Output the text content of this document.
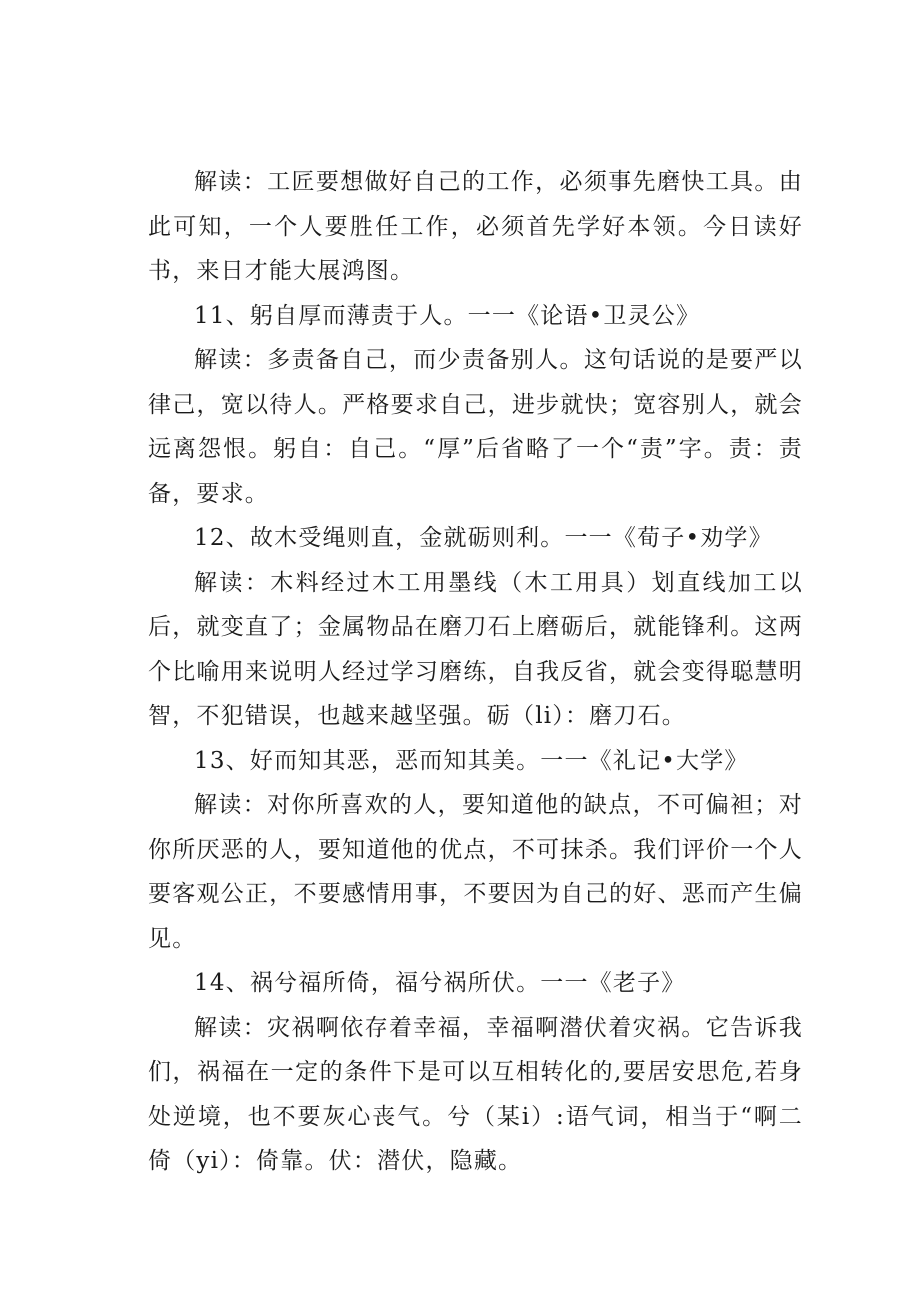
解读：工匠要想做好自己的工作，必须事先磨快工具。由此可知，一个人要胜任工作，必须首先学好本领。今日读好书，来日才能大展鸿图。

11、躬自厚而薄责于人。一一《论语•卫灵公》

解读：多责备自己，而少责备别人。这句话说的是要严以律己，宽以待人。严格要求自己，进步就快；宽容别人，就会远离怨恨。躬自：自己。“厚”后省略了一个“责”字。责：责备，要求。

12、故木受绳则直，金就砺则利。一一《荀子•劝学》

解读：木料经过木工用墨线（木工用具）划直线加工以后，就变直了；金属物品在磨刀石上磨砺后，就能锋利。这两个比喻用来说明人经过学习磨练，自我反省，就会变得聪慧明智，不犯错误，也越来越坚强。砺（li）：磨刀石。

13、好而知其恶，恶而知其美。一一《礼记•大学》

解读：对你所喜欢的人，要知道他的缺点，不可偏袒；对你所厌恶的人，要知道他的优点，不可抹杀。我们评价一个人要客观公正，不要感情用事，不要因为自己的好、恶而产生偏见。

14、祸兮福所倚，福兮祸所伏。一一《老子》

解读：灾祸啊依存着幸福，幸福啊潜伏着灾祸。它告诉我们，祸福在一定的条件下是可以互相转化的,要居安思危,若身处逆境，也不要灰心丧气。兮（某i）:语气词，相当于“啊二倚（yi）：倚靠。伏：潜伏，隐藏。
